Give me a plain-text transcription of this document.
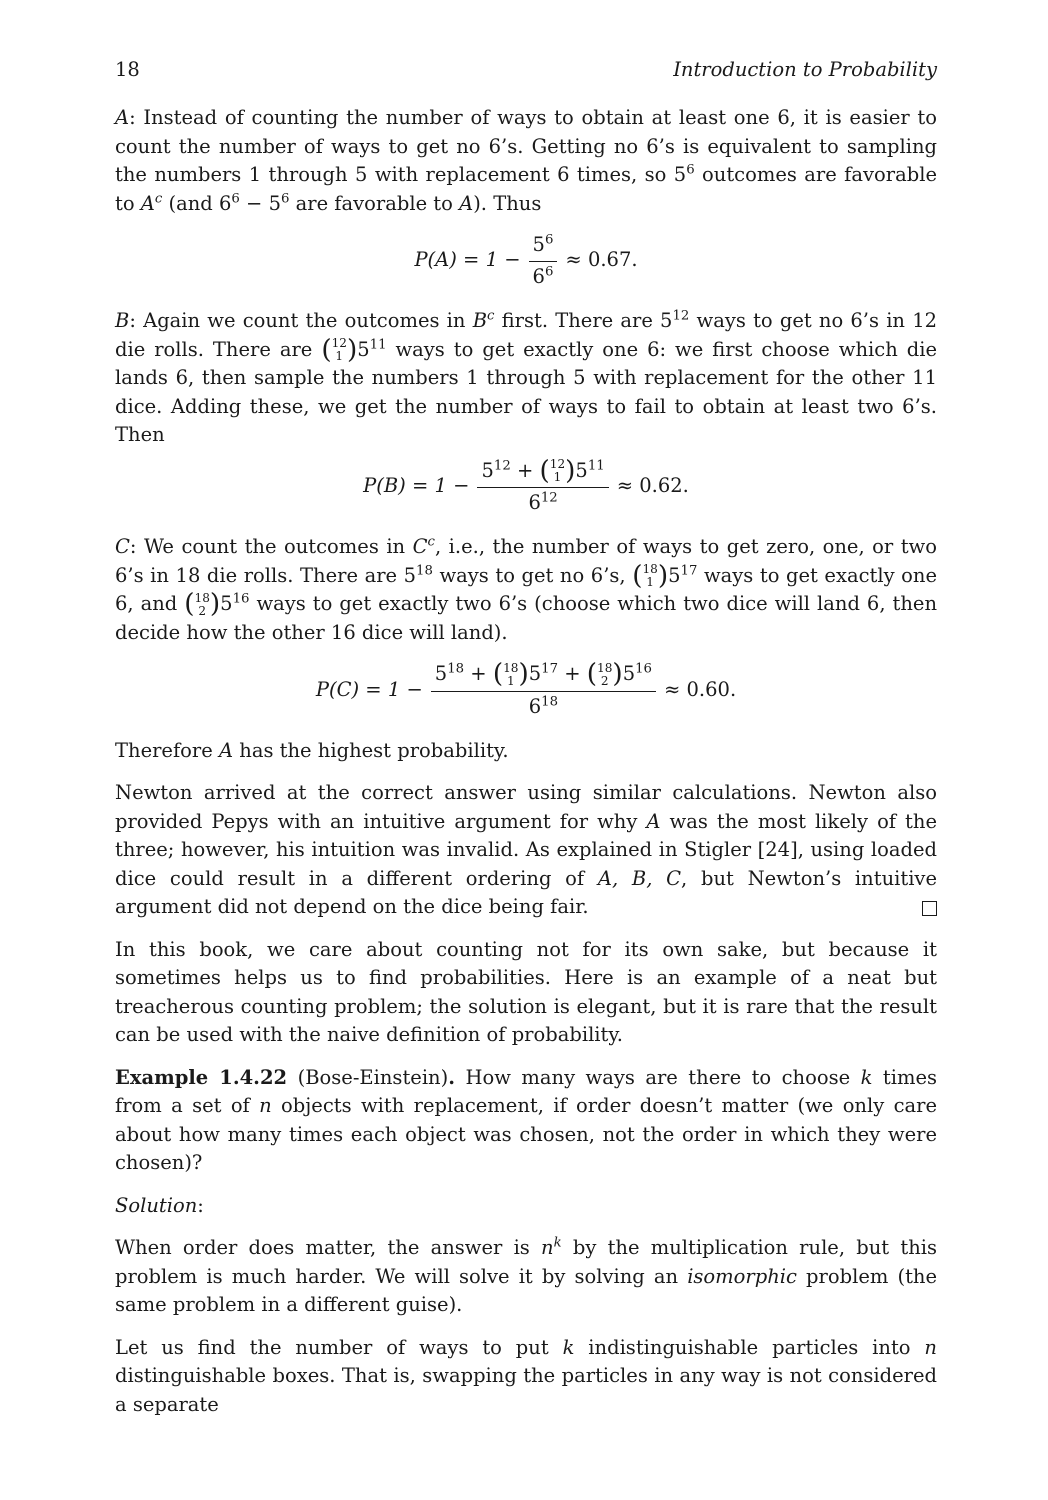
18	Introduction to Probability

A: Instead of counting the number of ways to obtain at least one 6, it is easier to count the number of ways to get no 6’s. Getting no 6’s is equivalent to sampling the numbers 1 through 5 with replacement 6 times, so $5^6$ outcomes are favorable to $A^c$ (and $6^6 - 5^6$ are favorable to A). Thus

$P(A) = 1 - \frac{5^6}{6^6} \approx 0.67$.

B: Again we count the outcomes in $B^c$ first. There are $5^{12}$ ways to get no 6’s in 12 die rolls. There are ( 12
1 ) $5^{11}$ ways to get exactly one 6: we first choose which die lands 6, then sample the numbers 1 through 5 with replacement for the other 11 dice. Adding these, we get the number of ways to fail to obtain at least two 6’s. Then

$P(B) = 1 - 5^{12}$ + ( 12
1 ) $5^{11}$
$6^{12} \approx 0.62$.

C: We count the outcomes in $C^c$, i.e., the number of ways to get zero, one, or two 6’s in 18 die rolls. There are $5^{18}$ ways to get no 6’s, ( 18
1 ) $5^{17}$ ways to get exactly one 6, and ( 18
2 ) $5^{16}$ ways to get exactly two 6’s (choose which two dice will land 6, then decide how the other 16 dice will land).

$P(C) = 1 - 5^{18}$ + ( 18
1 ) $5^{17}$ + ( 18
2 ) $5^{16}$
$6^{18} \approx 0.60$.

Therefore A has the highest probability.

Newton arrived at the correct answer using similar calculations. Newton also provided Pepys with an intuitive argument for why A was the most likely of the three; however, his intuition was invalid. As explained in Stigler [24], using loaded dice could result in a different ordering of A, B, C, but Newton’s intuitive argument did not depend on the dice being fair.

In this book, we care about counting not for its own sake, but because it sometimes helps us to find probabilities. Here is an example of a neat but treacherous counting problem; the solution is elegant, but it is rare that the result can be used with the naive definition of probability.

Example 1.4.22 (Bose-Einstein). How many ways are there to choose k times from a set of n objects with replacement, if order doesn’t matter (we only care about how many times each object was chosen, not the order in which they were chosen)?

Solution:

When order does matter, the answer is $n^k$ by the multiplication rule, but this problem is much harder. We will solve it by solving an isomorphic problem (the same problem in a different guise).

Let us find the number of ways to put k indistinguishable particles into n distinguishable boxes. That is, swapping the particles in any way is not considered a separate
